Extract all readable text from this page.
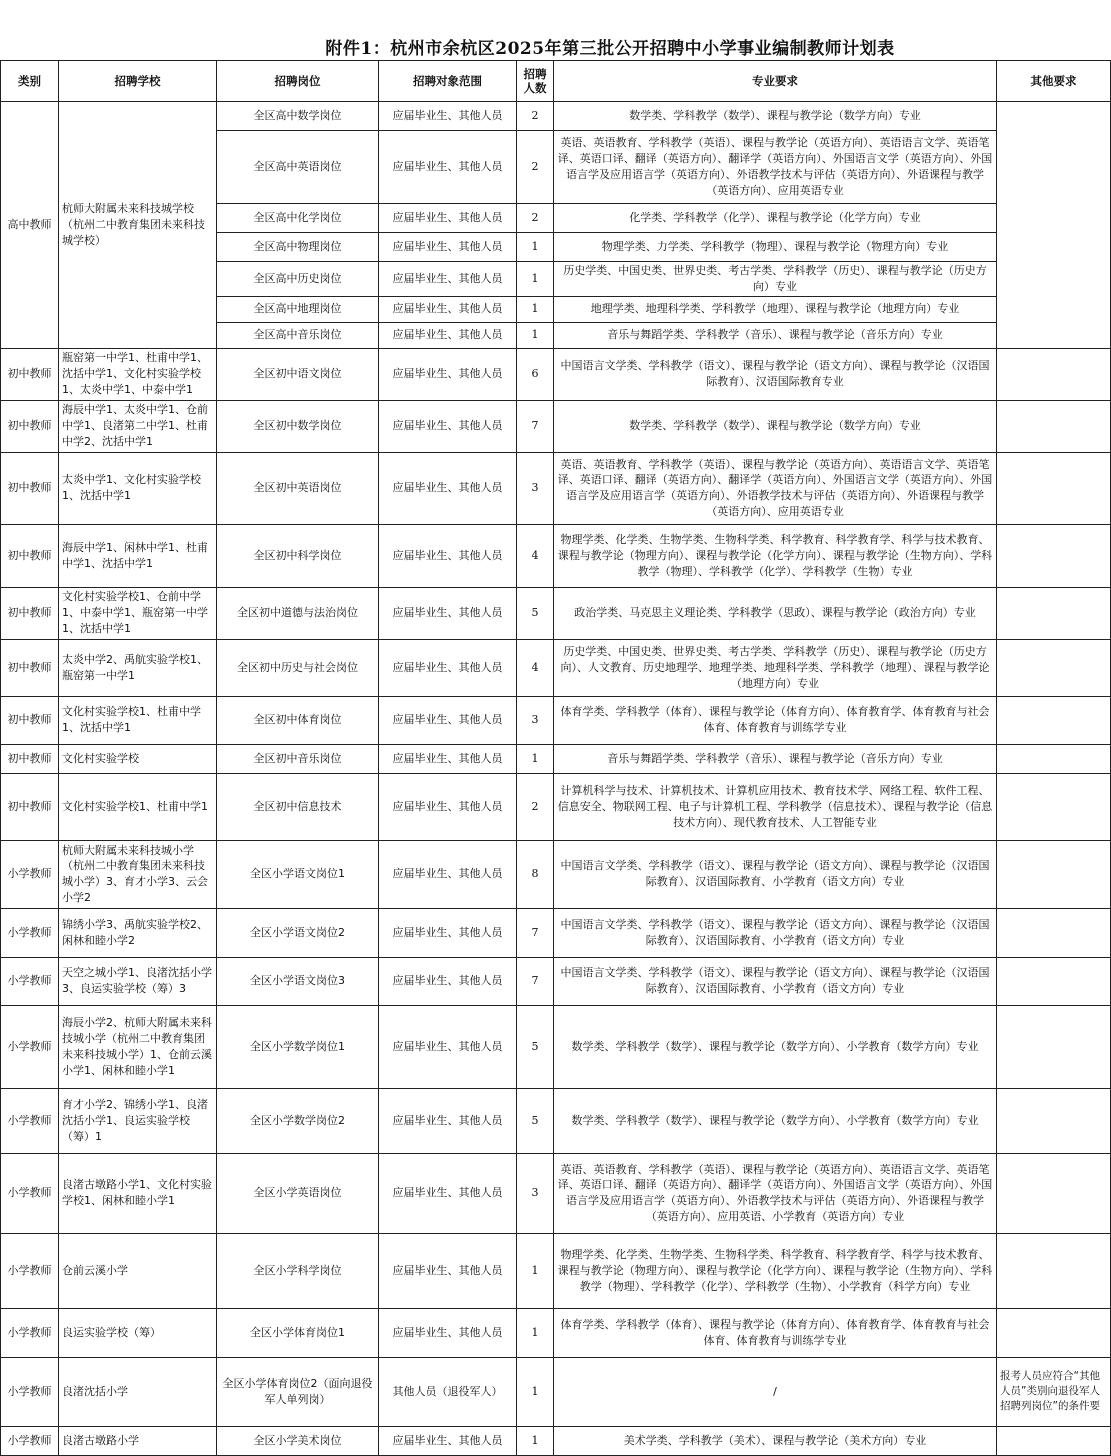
附件1：杭州市余杭区2025年第三批公开招聘中小学事业编制教师计划表
类别	招聘学校	招聘岗位	招聘对象范围	招聘人数	专业要求	其他要求
高中教师	杭师大附属未来科技城学校（杭州二中教育集团未来科技城学校）	全区高中数学岗位	应届毕业生、其他人员	2	数学类、学科教学（数学）、课程与教学论（数学方向）专业	
		全区高中英语岗位	应届毕业生、其他人员	2	英语、英语教育、学科教学（英语）、课程与教学论（英语方向）、英语语言文学、英语笔译、英语口译、翻译（英语方向）、翻译学（英语方向）、外国语言文学（英语方向）、外国语言学及应用语言学（英语方向）、外语教学技术与评估（英语方向）、外语课程与教学（英语方向）、应用英语专业	
		全区高中化学岗位	应届毕业生、其他人员	2	化学类、学科教学（化学）、课程与教学论（化学方向）专业	
		全区高中物理岗位	应届毕业生、其他人员	1	物理学类、力学类、学科教学（物理）、课程与教学论（物理方向）专业	
		全区高中历史岗位	应届毕业生、其他人员	1	历史学类、中国史类、世界史类、考古学类、学科教学（历史）、课程与教学论（历史方向）专业	
		全区高中地理岗位	应届毕业生、其他人员	1	地理学类、地理科学类、学科教学（地理）、课程与教学论（地理方向）专业	
		全区高中音乐岗位	应届毕业生、其他人员	1	音乐与舞蹈学类、学科教学（音乐）、课程与教学论（音乐方向）专业	
初中教师	瓶窑第一中学1、杜甫中学1、沈括中学1、文化村实验学校1、太炎中学1、中泰中学1	全区初中语文岗位	应届毕业生、其他人员	6	中国语言文学类、学科教学（语文）、课程与教学论（语文方向）、课程与教学论（汉语国际教育）、汉语国际教育专业	
初中教师	海辰中学1、太炎中学1、仓前中学1、良渚第二中学1、杜甫中学2、沈括中学1	全区初中数学岗位	应届毕业生、其他人员	7	数学类、学科教学（数学）、课程与教学论（数学方向）专业	
初中教师	太炎中学1、文化村实验学校1、沈括中学1	全区初中英语岗位	应届毕业生、其他人员	3	英语、英语教育、学科教学（英语）、课程与教学论（英语方向）、英语语言文学、英语笔译、英语口译、翻译（英语方向）、翻译学（英语方向）、外国语言文学（英语方向）、外国语言学及应用语言学（英语方向）、外语教学技术与评估（英语方向）、外语课程与教学（英语方向）、应用英语专业	
初中教师	海辰中学1、闲林中学1、杜甫中学1、沈括中学1	全区初中科学岗位	应届毕业生、其他人员	4	物理学类、化学类、生物学类、生物科学类、科学教育、科学教育学、科学与技术教育、课程与教学论（物理方向）、课程与教学论（化学方向）、课程与教学论（生物方向）、学科教学（物理）、学科教学（化学）、学科教学（生物）专业	
初中教师	文化村实验学校1、仓前中学1、中泰中学1、瓶窑第一中学1、沈括中学1	全区初中道德与法治岗位	应届毕业生、其他人员	5	政治学类、马克思主义理论类、学科教学（思政）、课程与教学论（政治方向）专业	
初中教师	太炎中学2、禹航实验学校1、瓶窑第一中学1	全区初中历史与社会岗位	应届毕业生、其他人员	4	历史学类、中国史类、世界史类、考古学类、学科教学（历史）、课程与教学论（历史方向）、人文教育、历史地理学、地理学类、地理科学类、学科教学（地理）、课程与教学论（地理方向）专业	
初中教师	文化村实验学校1、杜甫中学1、沈括中学1	全区初中体育岗位	应届毕业生、其他人员	3	体育学类、学科教学（体育）、课程与教学论（体育方向）、体育教育学、体育教育与社会体育、体育教育与训练学专业	
初中教师	文化村实验学校	全区初中音乐岗位	应届毕业生、其他人员	1	音乐与舞蹈学类、学科教学（音乐）、课程与教学论（音乐方向）专业	
初中教师	文化村实验学校1、杜甫中学1	全区初中信息技术	应届毕业生、其他人员	2	计算机科学与技术、计算机技术、计算机应用技术、教育技术学、网络工程、软件工程、信息安全、物联网工程、电子与计算机工程、学科教学（信息技术）、课程与教学论（信息技术方向）、现代教育技术、人工智能专业	
小学教师	杭师大附属未来科技城小学（杭州二中教育集团未来科技城小学）3、育才小学3、云会小学2	全区小学语文岗位1	应届毕业生、其他人员	8	中国语言文学类、学科教学（语文）、课程与教学论（语文方向）、课程与教学论（汉语国际教育）、汉语国际教育、小学教育（语文方向）专业	
小学教师	锦绣小学3、禹航实验学校2、闲林和睦小学2	全区小学语文岗位2	应届毕业生、其他人员	7	中国语言文学类、学科教学（语文）、课程与教学论（语文方向）、课程与教学论（汉语国际教育）、汉语国际教育、小学教育（语文方向）专业	
小学教师	天空之城小学1、良渚沈括小学3、良运实验学校（筹）3	全区小学语文岗位3	应届毕业生、其他人员	7	中国语言文学类、学科教学（语文）、课程与教学论（语文方向）、课程与教学论（汉语国际教育）、汉语国际教育、小学教育（语文方向）专业	
小学教师	海辰小学2、杭师大附属未来科技城小学（杭州二中教育集团未来科技城小学）1、仓前云溪小学1、闲林和睦小学1	全区小学数学岗位1	应届毕业生、其他人员	5	数学类、学科教学（数学）、课程与教学论（数学方向）、小学教育（数学方向）专业	
小学教师	育才小学2、锦绣小学1、良渚沈括小学1、良运实验学校（筹）1	全区小学数学岗位2	应届毕业生、其他人员	5	数学类、学科教学（数学）、课程与教学论（数学方向）、小学教育（数学方向）专业	
小学教师	良渚古墩路小学1、文化村实验学校1、闲林和睦小学1	全区小学英语岗位	应届毕业生、其他人员	3	英语、英语教育、学科教学（英语）、课程与教学论（英语方向）、英语语言文学、英语笔译、英语口译、翻译（英语方向）、翻译学（英语方向）、外国语言文学（英语方向）、外国语言学及应用语言学（英语方向）、外语教学技术与评估（英语方向）、外语课程与教学（英语方向）、应用英语、小学教育（英语方向）专业	
小学教师	仓前云溪小学	全区小学科学岗位	应届毕业生、其他人员	1	物理学类、化学类、生物学类、生物科学类、科学教育、科学教育学、科学与技术教育、课程与教学论（物理方向）、课程与教学论（化学方向）、课程与教学论（生物方向）、学科教学（物理）、学科教学（化学）、学科教学（生物）、小学教育（科学方向）专业	
小学教师	良运实验学校（筹）	全区小学体育岗位1	应届毕业生、其他人员	1	体育学类、学科教学（体育）、课程与教学论（体育方向）、体育教育学、体育教育与社会体育、体育教育与训练学专业	
小学教师	良渚沈括小学	全区小学体育岗位2（面向退役军人单列岗）	其他人员（退役军人）	1	/	报考人员应符合“其他人员”类别向退役军人招聘列岗位”的条件要
小学教师	良渚古墩路小学	全区小学美术岗位	应届毕业生、其他人员	1	美术学类、学科教学（美术）、课程与教学论（美术方向）专业	
